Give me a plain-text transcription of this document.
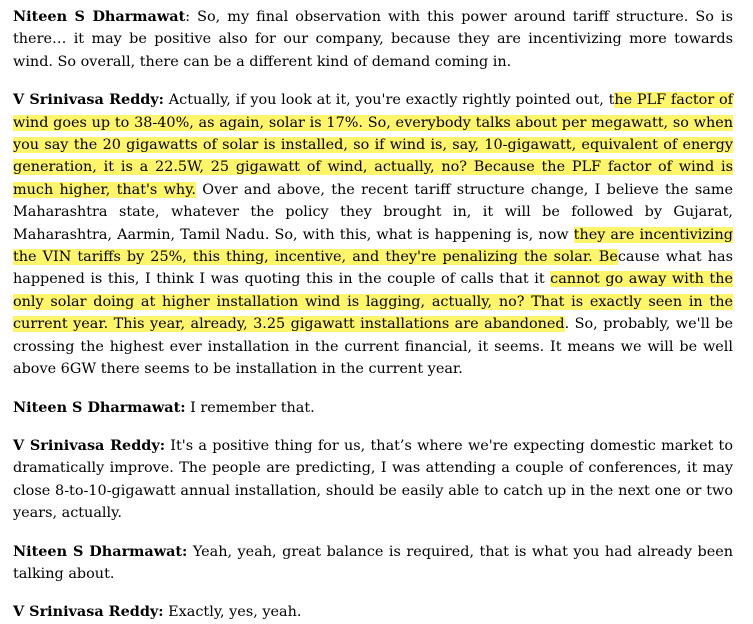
Niteen S Dharmawat: So, my final observation with this power around tariff structure. So is there… it may be positive also for our company, because they are incentivizing more towards wind. So overall, there can be a different kind of demand coming in.

V Srinivasa Reddy: Actually, if you look at it, you're exactly rightly pointed out, the PLF factor of wind goes up to 38-40%, as again, solar is 17%. So, everybody talks about per megawatt, so when you say the 20 gigawatts of solar is installed, so if wind is, say, 10-gigawatt, equivalent of energy generation, it is a 22.5W, 25 gigawatt of wind, actually, no? Because the PLF factor of wind is much higher, that's why. Over and above, the recent tariff structure change, I believe the same Maharashtra state, whatever the policy they brought in, it will be followed by Gujarat, Maharashtra, Aarmin, Tamil Nadu. So, with this, what is happening is, now they are incentivizing the VIN tariffs by 25%, this thing, incentive, and they're penalizing the solar. Because what has happened is this, I think I was quoting this in the couple of calls that it cannot go away with the only solar doing at higher installation wind is lagging, actually, no? That is exactly seen in the current year. This year, already, 3.25 gigawatt installations are abandoned. So, probably, we'll be crossing the highest ever installation in the current financial, it seems. It means we will be well above 6GW there seems to be installation in the current year.

Niteen S Dharmawat: I remember that.

V Srinivasa Reddy: It's a positive thing for us, that’s where we're expecting domestic market to dramatically improve. The people are predicting, I was attending a couple of conferences, it may close 8-to-10-gigawatt annual installation, should be easily able to catch up in the next one or two years, actually.

Niteen S Dharmawat: Yeah, yeah, great balance is required, that is what you had already been talking about.

V Srinivasa Reddy: Exactly, yes, yeah.
